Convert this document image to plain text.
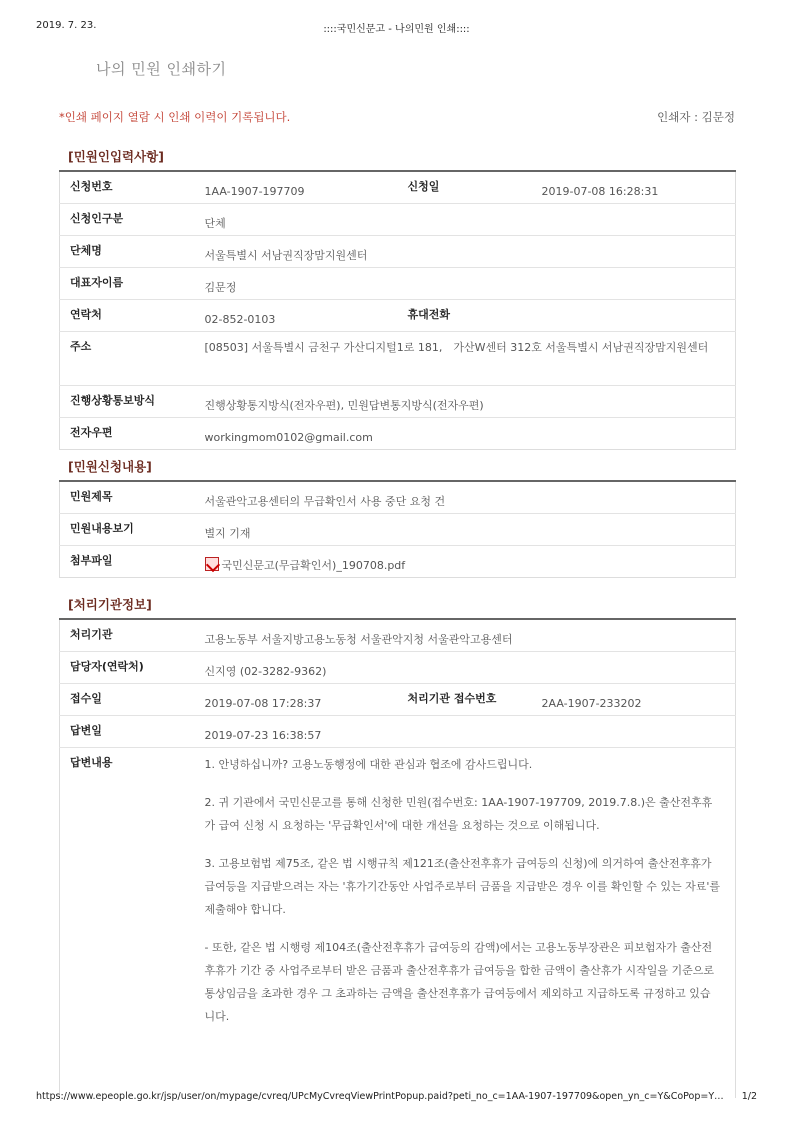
2019. 7. 23.	::::국민신문고 - 나의민원 인쇄::::
나의 민원 인쇄하기
*인쇄 페이지 열람 시 인쇄 이력이 기록됩니다.	인쇄자 : 김문정
[민원인입력사항]
신청번호	1AA-1907-197709	신청일	2019-07-08 16:28:31
신청인구분	단체		
단체명	서울특별시 서남권직장맘지원센터		
대표자이름	김문정		
연락처	02-852-0103	휴대전화	
주소	[08503] 서울특별시 금천구 가산디지털1로 181,　가산W센터 312호 서울특별시 서남권직장맘지원센터		
진행상황통보방식	진행상황통지방식(전자우편), 민원답변통지방식(전자우편)		
전자우편	workingmom0102@gmail.com		
[민원신청내용]
민원제목	서울관악고용센터의 무급확인서 사용 중단 요청 건
민원내용보기	별지 기재
첨부파일	국민신문고(무급확인서)_190708.pdf
[처리기관정보]
처리기관	고용노동부 서울지방고용노동청 서울관악지청 서울관악고용센터		
담당자(연락처)	신지영 (02-3282-9362)		
접수일	2019-07-08 17:28:37	처리기관 접수번호	2AA-1907-233202
답변일	2019-07-23 16:38:57		
답변내용	1. 안녕하십니까? 고용노동행정에 대한 관심과 협조에 감사드립니다.
2. 귀 기관에서 국민신문고를 통해 신청한 민원(접수번호: 1AA-1907-197709, 2019.7.8.)은 출산전후휴가 급여 신청 시 요청하는 '무급확인서'에 대한 개선을 요청하는 것으로 이해됩니다.
3. 고용보험법 제75조, 같은 법 시행규칙 제121조(출산전후휴가 급여등의 신청)에 의거하여 출산전후휴가 급여등을 지급받으려는 자는 '휴가기간동안 사업주로부터 금품을 지급받은 경우 이를 확인할 수 있는 자료'를 제출해야 합니다.
- 또한, 같은 법 시행령 제104조(출산전후휴가 급여등의 감액)에서는 고용노동부장관은 피보험자가 출산전후휴가 기간 중 사업주로부터 받은 금품과 출산전후휴가 급여등을 합한 금액이 출산휴가 시작일을 기준으로 통상임금을 초과한 경우 그 초과하는 금액을 출산전후휴가 급여등에서 제외하고 지급하도록 규정하고 있습니다.		
https://www.epeople.go.kr/jsp/user/on/mypage/cvreq/UPcMyCvreqViewPrintPopup.paid?peti_no_c=1AA-1907-197709&open_yn_c=Y&CoPop=Y… 1/2
